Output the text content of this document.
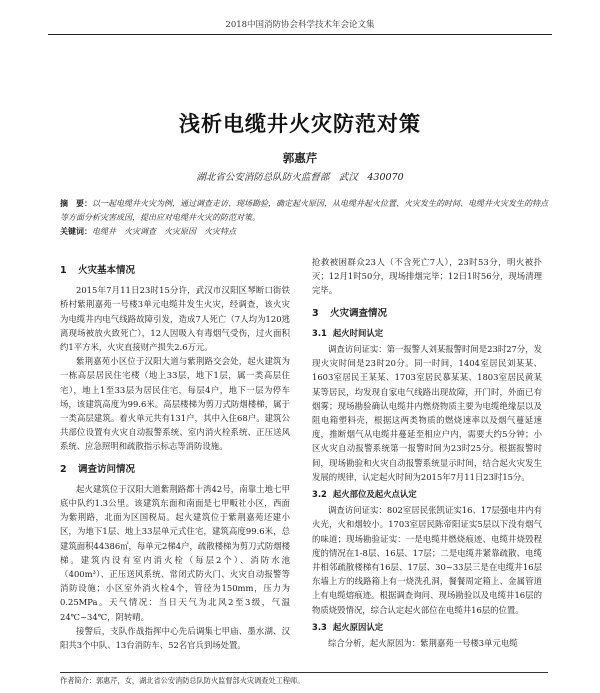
2018中国消防协会科学技术年会论文集
浅析电缆井火灾防范对策
郭惠芹
湖北省公安消防总队防火监督部　武汉　430070
摘　要：以一起电缆井火灾为例，通过调查走访、现场勘验，确定起火原因，从电缆井起火位置、火灾发生的时间、电缆井火灾发生的特点等方面分析灾害成因，提出应对电缆井火灾的防范对策。
关键词：电缆井　火灾调查　火灾原因　火灾特点
1 火灾基本情况

2015年7月11日23时15分许，武汉市汉阳区琴断口街铁桥村紫荆嘉苑一号楼3单元电缆井发生火灾，经调查，该火灾为电缆井内电气线路故障引发，造成7人死亡（7人均为120逃离现场被放火致死亡），12人因吸入有毒烟气受伤，过火面积约1平方米，火灾直接财产损失2.6万元。

紫荆嘉苑小区位于汉阳大道与紫荆路交会处，起火建筑为一栋高层居民住宅楼（地上33层，地下1层，属一类高层住宅），地上1至33层为居民住宅，每层4户，地下一层为停车场，该建筑高度为99.6米。高层楼梯为剪刀式防烟楼梯，属于一类高层建筑。着火单元共有131户，其中入住68户。建筑公共部位设置有火灾自动报警系统、室内消火栓系统、正压送风系统、应急照明和疏散指示标志等消防设施。

2 调查访问情况

起火建筑位于汉阳大道紫荆路都十湾42号，南靠土地七甲底中队约1.3公里。该建筑东面和南面是七甲畈社小区，西面为紫荆路，北面为区国税局。起火建筑位于紫荆嘉苑还建小区，为地下1层、地上33层单元式住宅，建筑高度99.6米，总建筑面积44386㎡，每单元2梯4户，疏散楼梯为剪刀式防烟楼梯。建筑内设有室内消火栓（每层2个）、消防水池（400m³）、正压送风系统、常闭式防火门、火灾自动报警等消防设施；小区室外消火栓4个，管径为150mm，压力为0.25MPa。天气情况：当日天气为北风2至3级，气温24℃~34℃，阴转晴。

接警后，支队作战指挥中心先后调集七甲庙、墨水湖、汉阳共3个中队、13台消防车、52名官兵到场处置。

抢救被困群众23人（不含死亡7人），23时53分，明火被扑灭；12月1时50分，现场排烟完毕；12日1时56分，现场清理完毕。

3 火灾调查情况
3.1 起火时间认定

调查访问证实：第一报警人刘某报警时间是23时27分，发现火灾时间是23时20分。同一时间，1404室居民刘某某、1603室居民王某某、1703室居民慕某某、1803室居民黄某某等居民，均发现自家电气线路出现故障，开门时，外面已有烟雾；现场勘验确认电缆井内燃烧物质主要为电缆绝缘层以及阻电箱塑料壳，根据这两类物质的燃烧速率以及烟气蔓延速度，推断烟气从电缆井蔓延至相应户内，需要大约5分钟；小区火灾自动报警系统第一报警时间为23时25分。根据报警时间，现场勘验和火灾自动报警系统显示时间，结合起火灾发生发展的规律，认定起火时间为2015年7月11日23时15分。

3.2 起火部位及起火点认定

调查访问证实：802室居民张凯证实16、17层强电井内有火光，火和烟较小。1703室居民陈帝阳证实5层以下没有烟气的味道；现场勘验证实：一是电缆井燃烧痕迹、电缆井烧毁程度的情况在1-8层、16层、17层；二是电缆井紧靠疏散、电缆井相邻疏散楼梯有16层、17层、30~33层三是在电缆井16层东墙上方的线路箱上有一烧洗孔洞，餐餐周定箱上、金属管道上有电缆熔痕迹。根据调查询问、现场勘验以及电缆井16层的物质烧毁情况，综合认定起火部位在电缆井16层的位置。

3.3 起火原因认定

综合分析，起火原因为：紫荆嘉苑一号楼3单元电缆

作者简介：郭惠芹，女，湖北省公安消防总队防火监督部火灾调查处工程师。
